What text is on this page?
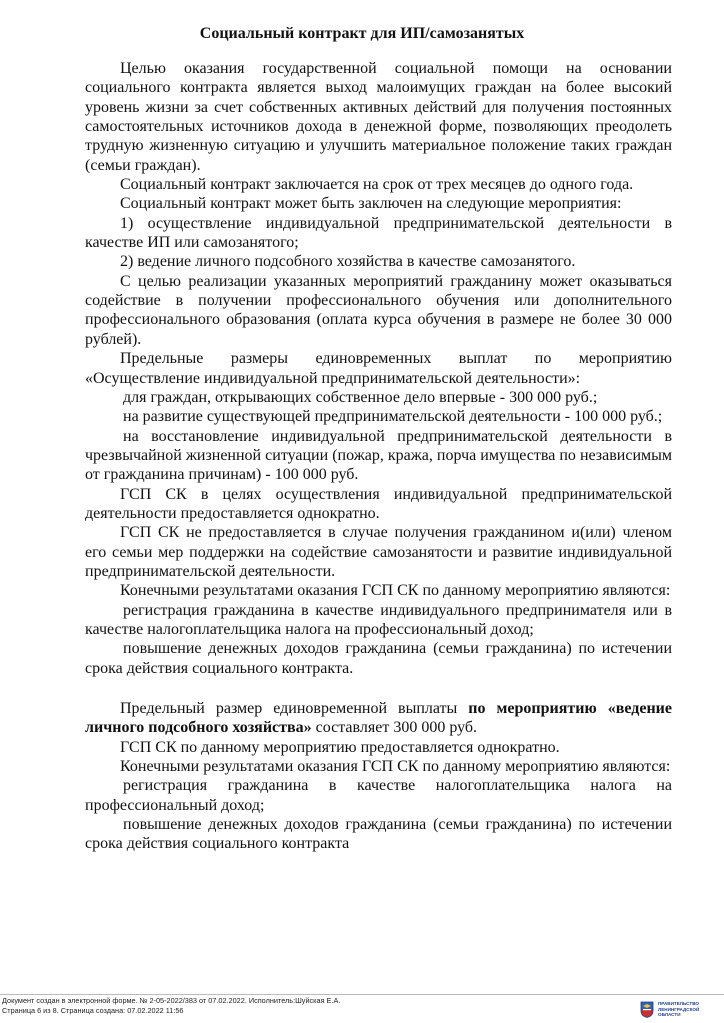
Социальный контракт для ИП/самозанятых

Целью оказания государственной социальной помощи на основании социального контракта является выход малоимущих граждан на более высокий уровень жизни за счет собственных активных действий для получения постоянных самостоятельных источников дохода в денежной форме, позволяющих преодолеть трудную жизненную ситуацию и улучшить материальное положение таких граждан (семьи граждан).

Социальный контракт заключается на срок от трех месяцев до одного года.

Социальный контракт может быть заключен на следующие мероприятия:

1) осуществление индивидуальной предпринимательской деятельности в качестве ИП или самозанятого;

2) ведение личного подсобного хозяйства в качестве самозанятого.

С целью реализации указанных мероприятий гражданину может оказываться содействие в получении профессионального обучения или дополнительного профессионального образования (оплата курса обучения в размере не более 30 000 рублей).

Предельные размеры единовременных выплат по мероприятию «Осуществление индивидуальной предпринимательской деятельности»:

для граждан, открывающих собственное дело впервые - 300 000 руб.;

на развитие существующей предпринимательской деятельности - 100 000 руб.;

на восстановление индивидуальной предпринимательской деятельности в чрезвычайной жизненной ситуации (пожар, кража, порча имущества по независимым от гражданина причинам) - 100 000 руб.

ГСП СК в целях осуществления индивидуальной предпринимательской деятельности предоставляется однократно.

ГСП СК не предоставляется в случае получения гражданином и(или) членом его семьи мер поддержки на содействие самозанятости и развитие индивидуальной предпринимательской деятельности.

Конечными результатами оказания ГСП СК по данному мероприятию являются:

регистрация гражданина в качестве индивидуального предпринимателя или в качестве налогоплательщика налога на профессиональный доход;

повышение денежных доходов гражданина (семьи гражданина) по истечении срока действия социального контракта.

Предельный размер единовременной выплаты по мероприятию «ведение личного подсобного хозяйства» составляет 300 000 руб.

ГСП СК по данному мероприятию предоставляется однократно.

Конечными результатами оказания ГСП СК по данному мероприятию являются:

регистрация гражданина в качестве налогоплательщика налога на профессиональный доход;

повышение денежных доходов гражданина (семьи гражданина) по истечении срока действия социального контракта

Документ создан в электронной форме. № 2-05-2022/383 от 07.02.2022. Исполнитель:Шуйская Е.А.
Страница 6 из 8. Страница создана: 07.02.2022 11:56
ПРАВИТЕЛЬСТВО
ЛЕНИНГРАДСКОЙ
ОБЛАСТИ
